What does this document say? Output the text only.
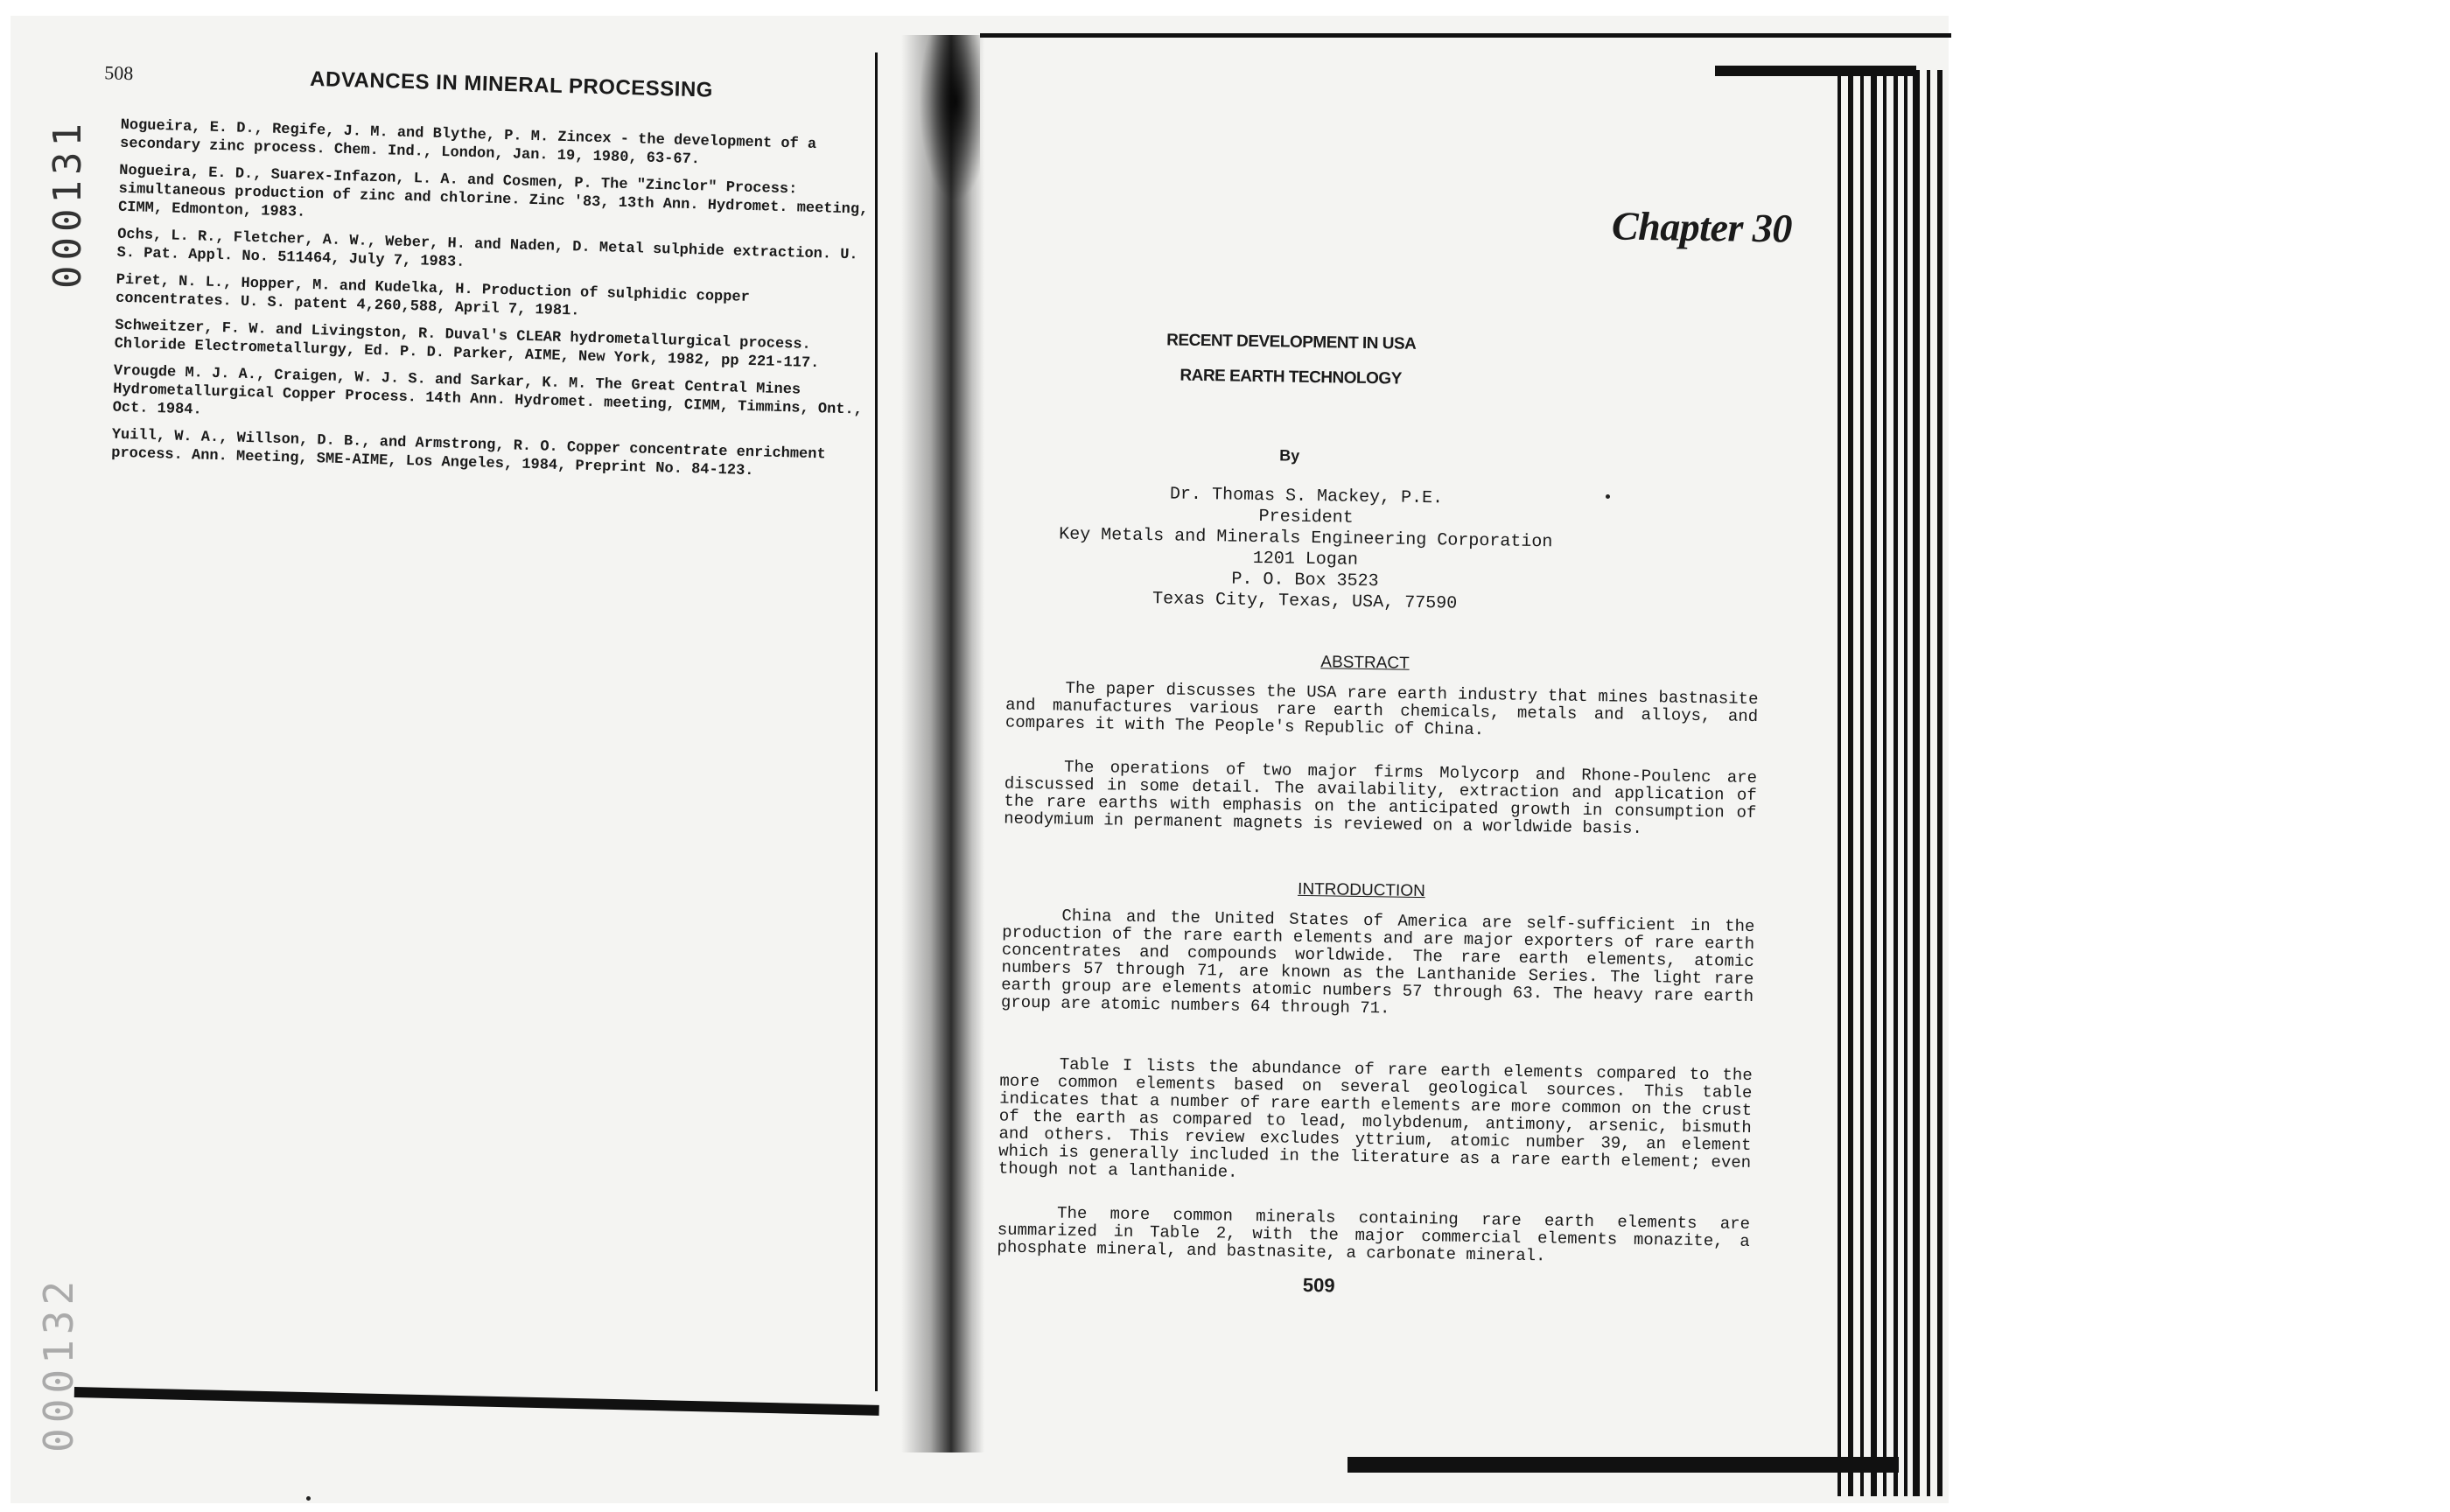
000131
000132
508	ADVANCES IN MINERAL PROCESSING
Nogueira, E. D., Regife, J. M. and Blythe, P. M. Zincex - the development of a secondary zinc process. Chem. Ind., London, Jan. 19, 1980, 63-67.
Nogueira, E. D., Suarex-Infazon, L. A. and Cosmen, P. The "Zinclor" Process: simultaneous production of zinc and chlorine. Zinc '83, 13th Ann. Hydromet. meeting, CIMM, Edmonton, 1983.
Ochs, L. R., Fletcher, A. W., Weber, H. and Naden, D. Metal sulphide extraction. U. S. Pat. Appl. No. 511464, July 7, 1983.
Piret, N. L., Hopper, M. and Kudelka, H. Production of sulphidic copper concentrates. U. S. patent 4,260,588, April 7, 1981.
Schweitzer, F. W. and Livingston, R. Duval's CLEAR hydrometallurgical process. Chloride Electrometallurgy, Ed. P. D. Parker, AIME, New York, 1982, pp 221-117.
Vrougde M. J. A., Craigen, W. J. S. and Sarkar, K. M. The Great Central Mines Hydrometallurgical Copper Process. 14th Ann. Hydromet. meeting, CIMM, Timmins, Ont., Oct. 1984.
Yuill, W. A., Willson, D. B., and Armstrong, R. O. Copper concentrate enrichment process. Ann. Meeting, SME-AIME, Los Angeles, 1984, Preprint No. 84-123.
Chapter 30
RECENT DEVELOPMENT IN USA
RARE EARTH TECHNOLOGY
By
Dr. Thomas S. Mackey, P.E.
President
Key Metals and Minerals Engineering Corporation
1201 Logan
P. O. Box 3523
Texas City, Texas, USA, 77590
ABSTRACT

The paper discusses the USA rare earth industry that mines bastnasite and manufactures various rare earth chemicals, metals and alloys, and compares it with The People's Republic of China.

The operations of two major firms Molycorp and Rhone-Poulenc are discussed in some detail. The availability, extraction and application of the rare earths with emphasis on the anticipated growth in consumption of neodymium in permanent magnets is reviewed on a worldwide basis.

INTRODUCTION

China and the United States of America are self-sufficient in the production of the rare earth elements and are major exporters of rare earth concentrates and compounds worldwide. The rare earth elements, atomic numbers 57 through 71, are known as the Lanthanide Series. The light rare earth group are elements atomic numbers 57 through 63. The heavy rare earth group are atomic numbers 64 through 71.

Table I lists the abundance of rare earth elements compared to the more common elements based on several geological sources. This table indicates that a number of rare earth elements are more common on the crust of the earth as compared to lead, molybdenum, antimony, arsenic, bismuth and others. This review excludes yttrium, atomic number 39, an element which is generally included in the literature as a rare earth element; even though not a lanthanide.

The more common minerals containing rare earth elements are summarized in Table 2, with the major commercial elements monazite, a phosphate mineral, and bastnasite, a carbonate mineral.

509
